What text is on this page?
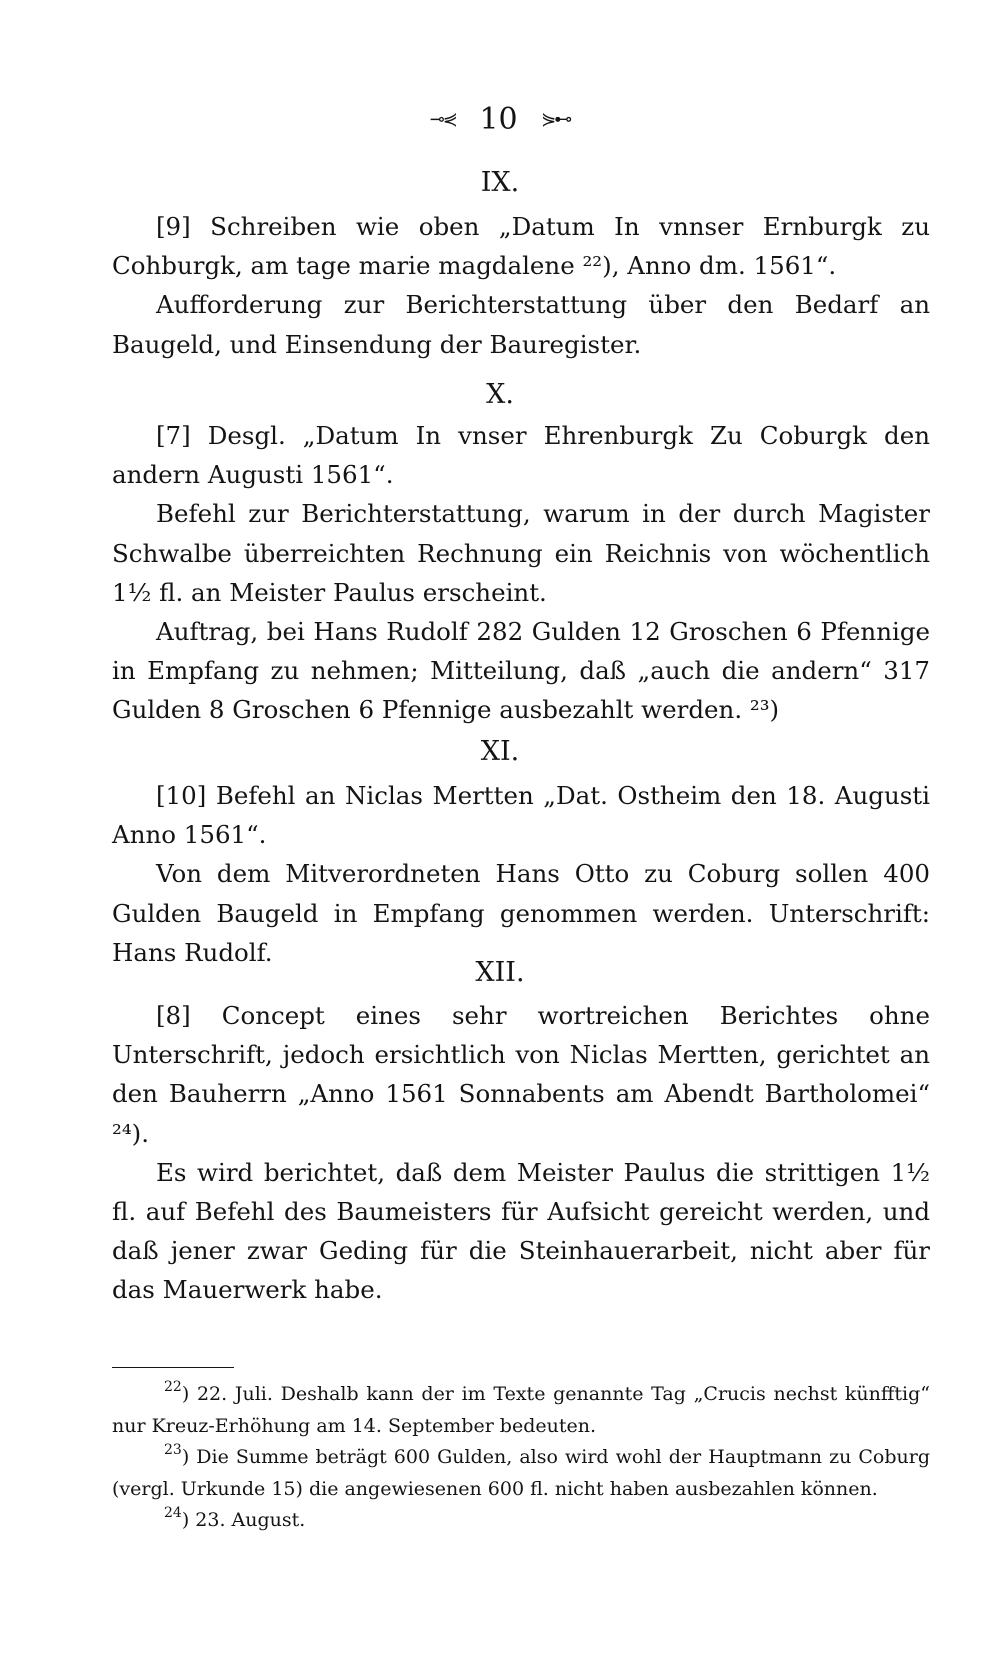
⊸⋞ 10 ⋟⊷
IX.

[9] Schreiben wie oben „Datum In vnnser Ernburgk zu Cohburgk, am tage marie magdalene ²²), Anno dm. 1561“.

Aufforderung zur Berichterstattung über den Bedarf an Baugeld, und Einsendung der Bauregister.

X.

[7] Desgl. „Datum In vnser Ehrenburgk Zu Coburgk den andern Augusti 1561“.

Befehl zur Berichterstattung, warum in der durch Magister Schwalbe überreichten Rechnung ein Reichnis von wöchentlich 1½ fl. an Meister Paulus erscheint.

Auftrag, bei Hans Rudolf 282 Gulden 12 Groschen 6 Pfennige in Empfang zu nehmen; Mitteilung, daß „auch die andern“ 317 Gulden 8 Groschen 6 Pfennige ausbezahlt werden. ²³)

XI.

[10] Befehl an Niclas Mertten „Dat. Ostheim den 18. Augusti Anno 1561“.

Von dem Mitverordneten Hans Otto zu Coburg sollen 400 Gulden Baugeld in Empfang genommen werden. Unterschrift: Hans Rudolf.

XII.

[8] Concept eines sehr wortreichen Berichtes ohne Unterschrift, jedoch ersichtlich von Niclas Mertten, gerichtet an den Bauherrn „Anno 1561 Sonnabents am Abendt Bartholomei“ ²⁴).

Es wird berichtet, daß dem Meister Paulus die strittigen 1½ fl. auf Befehl des Baumeisters für Aufsicht gereicht werden, und daß jener zwar Geding für die Steinhauerarbeit, nicht aber für das Mauerwerk habe.

$^{22}$) 22. Juli. Deshalb kann der im Texte genannte Tag „Crucis nechst künfftig“ nur Kreuz-Erhöhung am 14. September bedeuten.

$^{23}$) Die Summe beträgt 600 Gulden, also wird wohl der Hauptmann zu Coburg (vergl. Urkunde 15) die angewiesenen 600 fl. nicht haben ausbezahlen können.

$^{24}$) 23. August.
